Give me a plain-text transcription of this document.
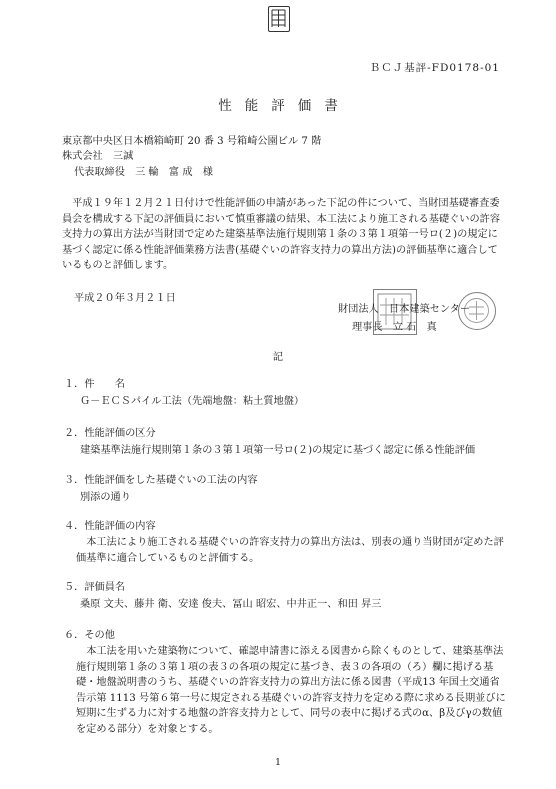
ＢＣＪ基評-FD0178-01
性能評価書
東京都中央区日本橋箱崎町 20 番 3 号箱崎公園ビル 7 階
株式会社　三誠
代表取締役　三 輪　富 成　様
平成１９年１２月２１日付けで性能評価の申請があった下記の件について、当財団基礎審査委員会を構成する下記の評価員において慎重審議の結果、本工法により施工される基礎ぐいの許容支持力の算出方法が当財団で定めた建築基準法施行規則第１条の３第１項第一号ロ(２)の規定に基づく認定に係る性能評価業務方法書(基礎ぐいの許容支持力の算出方法)の評価基準に適合しているものと評価します。
平成２０年３月２１日
財団法人　日本建築センター
理事長　立 石　真
記
１．件　　名
Ｇ－ＥＣＳパイル工法（先端地盤：粘土質地盤）
２．性能評価の区分
建築基準法施行規則第１条の３第１項第一号ロ(２)の規定に基づく認定に係る性能評価
３．性能評価をした基礎ぐいの工法の内容
別添の通り
４．性能評価の内容
本工法により施工される基礎ぐいの許容支持力の算出方法は、別表の通り当財団が定めた評価基準に適合しているものと評価する。
５．評価員名
桑原 文夫、藤井 衛、安達 俊夫、冨山 昭宏、中井正一、和田 昇三
６．その他
本工法を用いた建築物について、確認申請書に添える図書から除くものとして、建築基準法施行規則第１条の３第１項の表３の各項の規定に基づき、表３の各項の（ろ）欄に掲げる基礎・地盤説明書のうち、基礎ぐいの許容支持力の算出方法に係る図書（平成13 年国土交通省告示第 1113 号第６第一号に規定される基礎ぐいの許容支持力を定める際に求める長期並びに短期に生ずる力に対する地盤の許容支持力として、同号の表中に掲げる式のα、β及びγの数値を定める部分）を対象とする。
1
